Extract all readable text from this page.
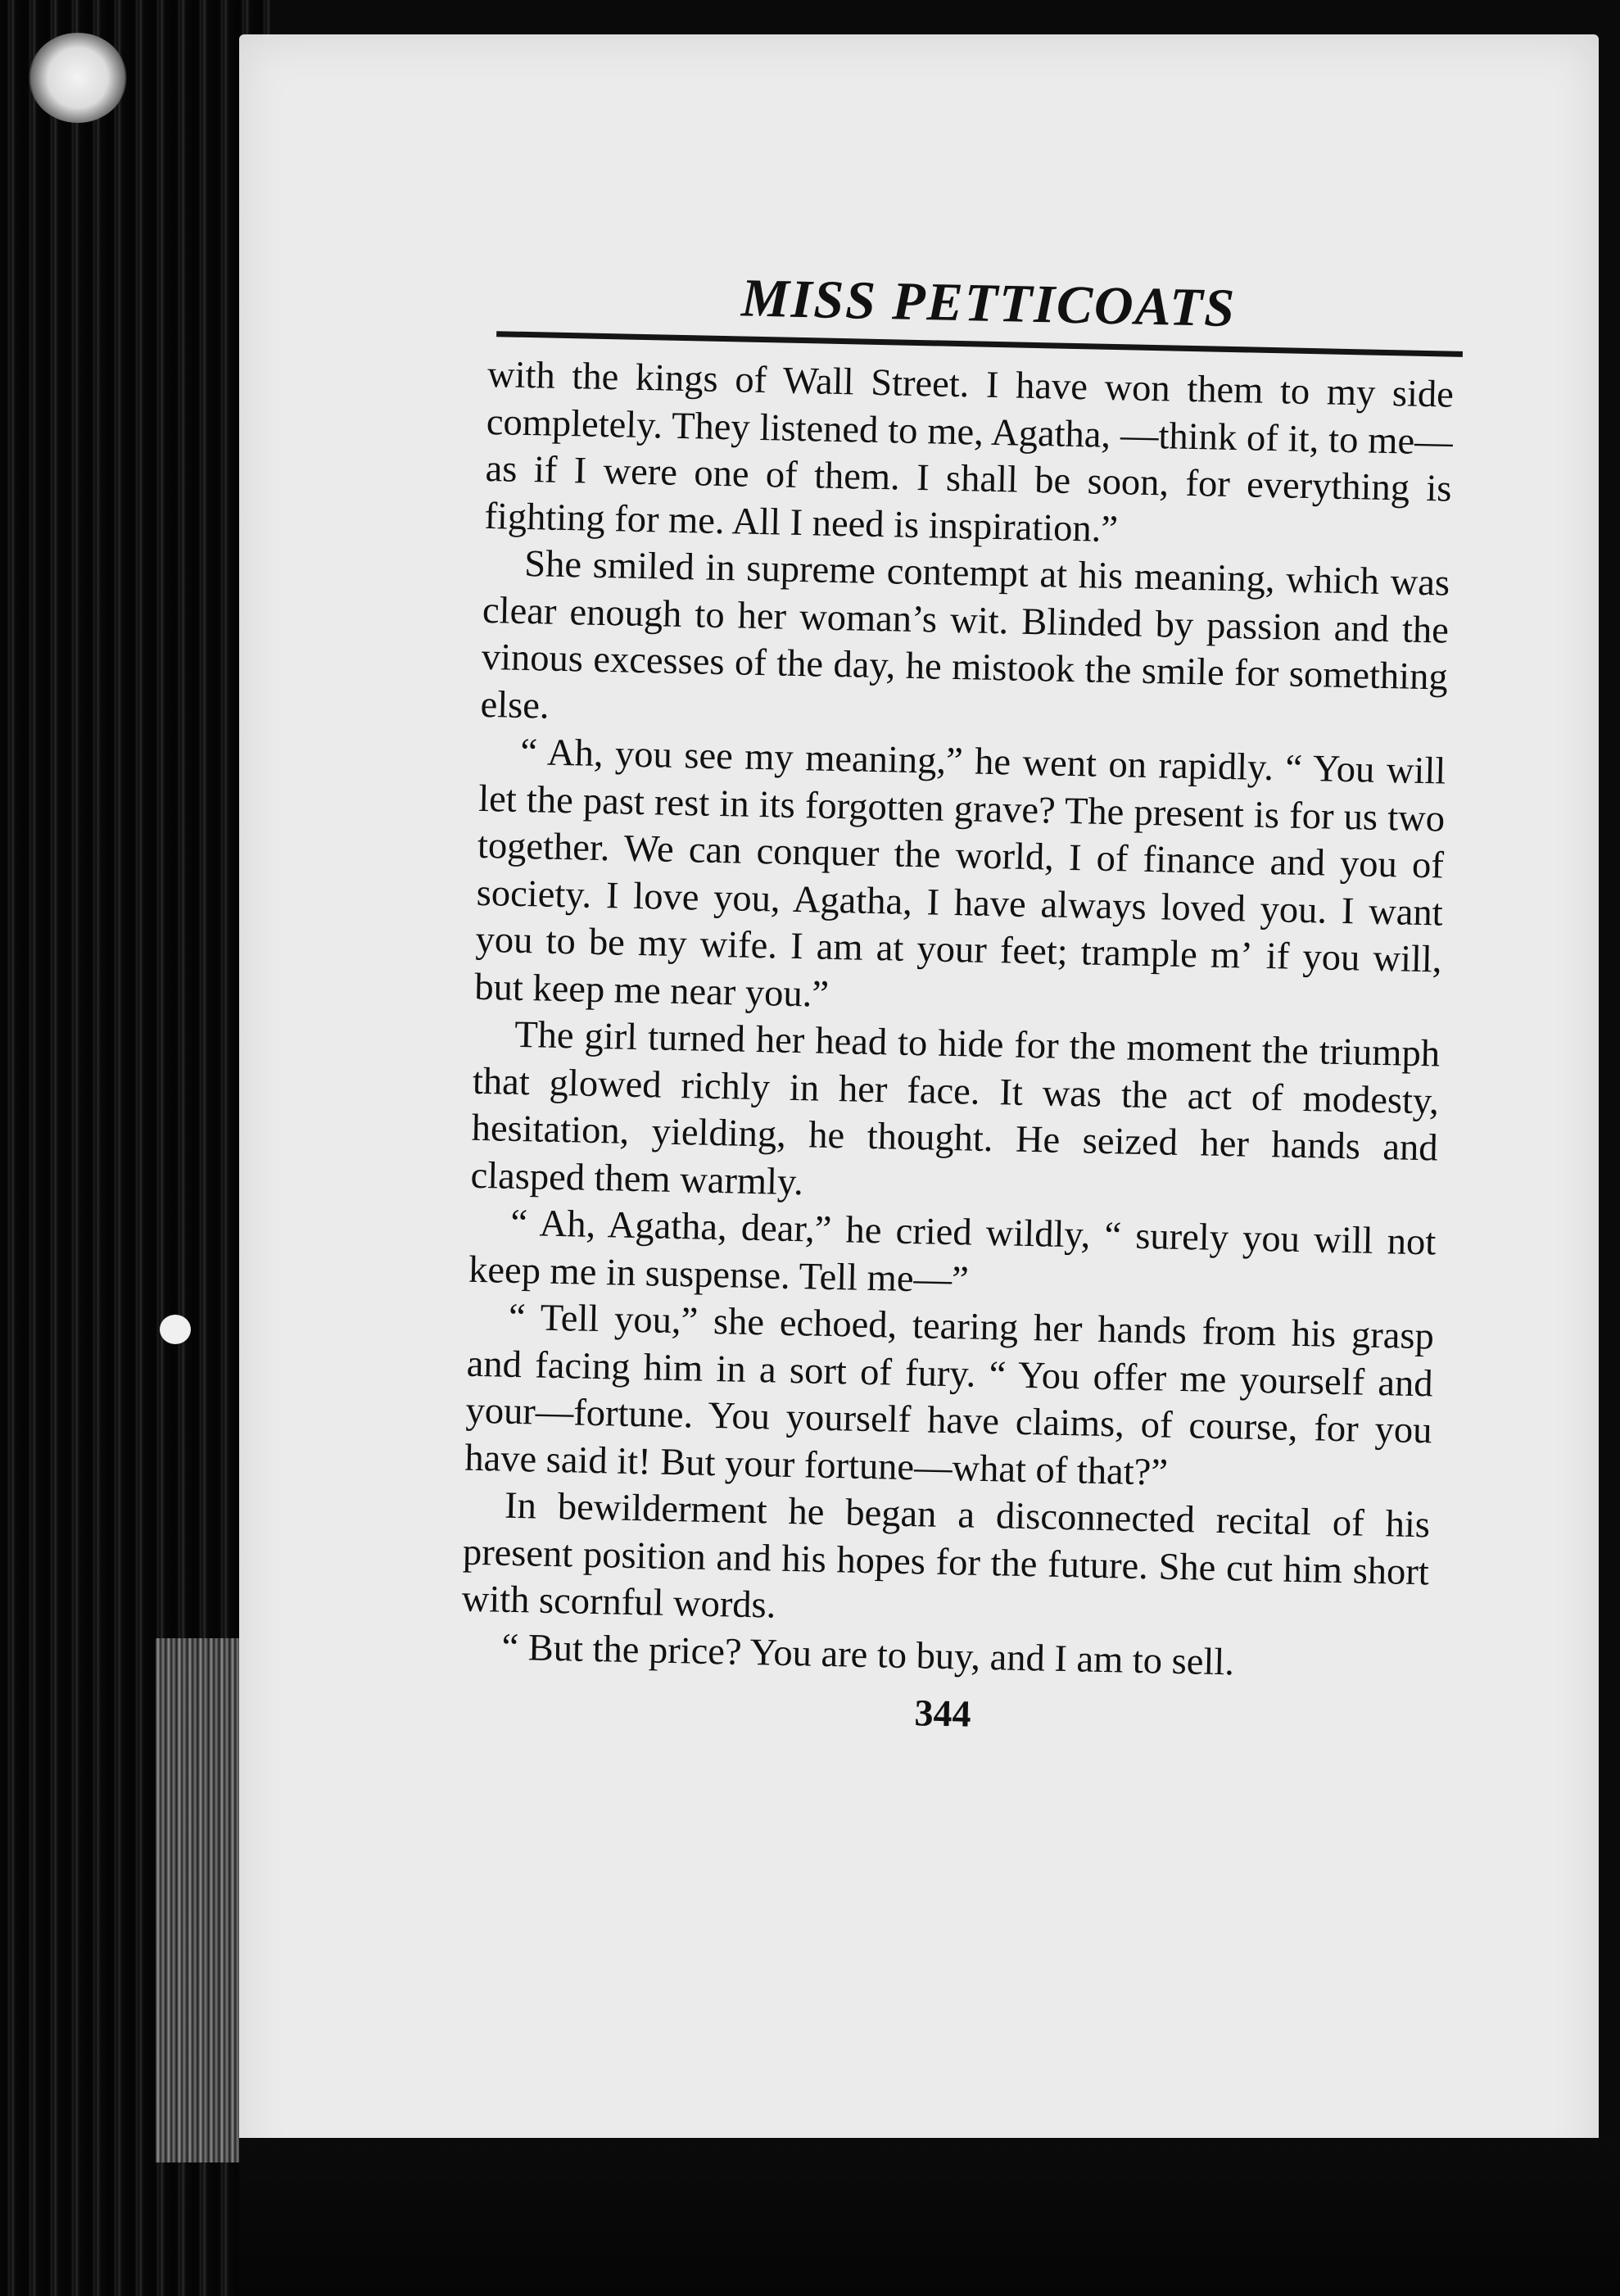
MISS PETTICOATS

with the kings of Wall Street. I have won them to my side completely. They listened to me, Agatha, —think of it, to me—as if I were one of them. I shall be soon, for everything is fighting for me. All I need is inspiration.”

She smiled in supreme contempt at his meaning, which was clear enough to her woman’s wit. Blinded by passion and the vinous excesses of the day, he mistook the smile for something else.

“ Ah, you see my meaning,” he went on rapidly. “ You will let the past rest in its forgotten grave? The present is for us two together. We can conquer the world, I of finance and you of society. I love you, Agatha, I have always loved you. I want you to be my wife. I am at your feet; trample mʼ if you will, but keep me near you.”

The girl turned her head to hide for the moment the triumph that glowed richly in her face. It was the act of modesty, hesitation, yielding, he thought. He seized her hands and clasped them warmly.

“ Ah, Agatha, dear,” he cried wildly, “ surely you will not keep me in suspense. Tell me—”

“ Tell you,” she echoed, tearing her hands from his grasp and facing him in a sort of fury. “ You offer me yourself and your—fortune. You yourself have claims, of course, for you have said it! But your fortune—what of that?”

In bewilderment he began a disconnected recital of his present position and his hopes for the future. She cut him short with scornful words.

“ But the price? You are to buy, and I am to sell.

344
